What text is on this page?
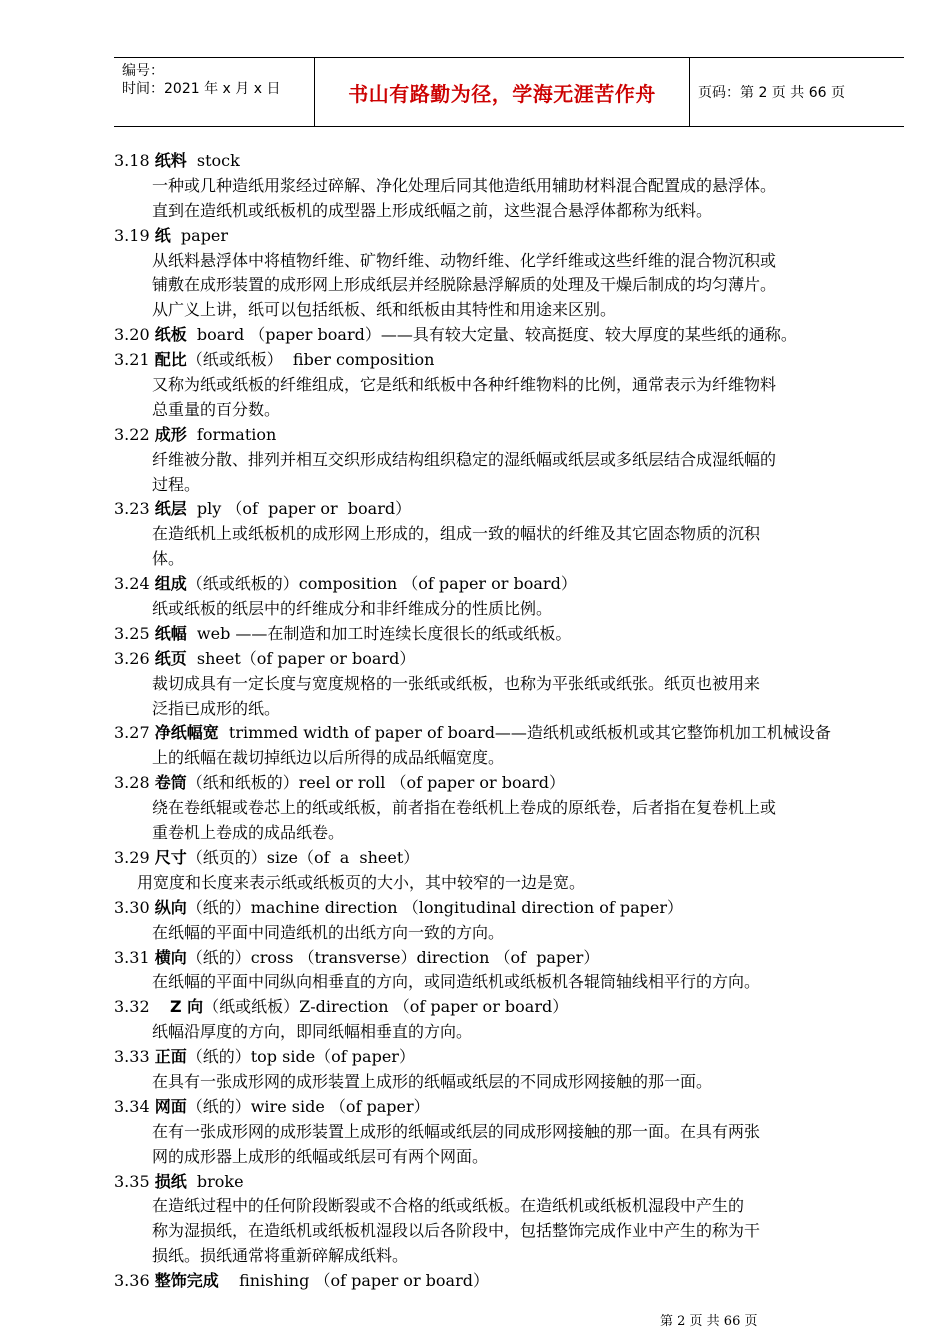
编号：
时间：2021 年 x 月 x 日	书山有路勤为径，学海无涯苦作舟	页码：第 2 页 共 66 页
3.18 纸料  stock
一种或几种造纸用浆经过碎解、净化处理后同其他造纸用辅助材料混合配置成的悬浮体。
直到在造纸机或纸板机的成型器上形成纸幅之前，这些混合悬浮体都称为纸料。
3.19 纸  paper
从纸料悬浮体中将植物纤维、矿物纤维、动物纤维、化学纤维或这些纤维的混合物沉积或
铺敷在成形装置的成形网上形成纸层并经脱除悬浮解质的处理及干燥后制成的均匀薄片。
从广义上讲，纸可以包括纸板、纸和纸板由其特性和用途来区别。
3.20 纸板  board （paper board）——具有较大定量、较高挺度、较大厚度的某些纸的通称。
3.21 配比（纸或纸板）  fiber composition
又称为纸或纸板的纤维组成，它是纸和纸板中各种纤维物料的比例，通常表示为纤维物料
总重量的百分数。
3.22 成形  formation
纤维被分散、排列并相互交织形成结构组织稳定的湿纸幅或纸层或多纸层结合成湿纸幅的
过程。
3.23 纸层  ply （of  paper or  board）
在造纸机上或纸板机的成形网上形成的，组成一致的幅状的纤维及其它固态物质的沉积
体。
3.24 组成（纸或纸板的）composition （of paper or board）
纸或纸板的纸层中的纤维成分和非纤维成分的性质比例。
3.25 纸幅  web ——在制造和加工时连续长度很长的纸或纸板。
3.26 纸页  sheet（of paper or board）
裁切成具有一定长度与宽度规格的一张纸或纸板，也称为平张纸或纸张。纸页也被用来
泛指已成形的纸。
3.27 净纸幅宽  trimmed width of paper of board——造纸机或纸板机或其它整饰机加工机械设备
上的纸幅在裁切掉纸边以后所得的成品纸幅宽度。
3.28 卷筒（纸和纸板的）reel or roll （of paper or board）
绕在卷纸辊或卷芯上的纸或纸板，前者指在卷纸机上卷成的原纸卷，后者指在复卷机上或
重卷机上卷成的成品纸卷。
3.29 尺寸（纸页的）size（of  a  sheet）
用宽度和长度来表示纸或纸板页的大小，其中较窄的一边是宽。
3.30 纵向（纸的）machine direction （longitudinal direction of paper）
在纸幅的平面中同造纸机的出纸方向一致的方向。
3.31 横向（纸的）cross （transverse）direction （of  paper）
在纸幅的平面中同纵向相垂直的方向，或同造纸机或纸板机各辊筒轴线相平行的方向。
3.32    Z 向（纸或纸板）Z-direction （of paper or board）
纸幅沿厚度的方向，即同纸幅相垂直的方向。
3.33 正面（纸的）top side（of paper）
在具有一张成形网的成形装置上成形的纸幅或纸层的不同成形网接触的那一面。
3.34 网面（纸的）wire side （of paper）
在有一张成形网的成形装置上成形的纸幅或纸层的同成形网接触的那一面。在具有两张
网的成形器上成形的纸幅或纸层可有两个网面。
3.35 损纸  broke
在造纸过程中的任何阶段断裂或不合格的纸或纸板。在造纸机或纸板机湿段中产生的
称为湿损纸，在造纸机或纸板机湿段以后各阶段中，包括整饰完成作业中产生的称为干
损纸。损纸通常将重新碎解成纸料。
3.36 整饰完成    finishing （of paper or board）
第 2 页 共 66 页
